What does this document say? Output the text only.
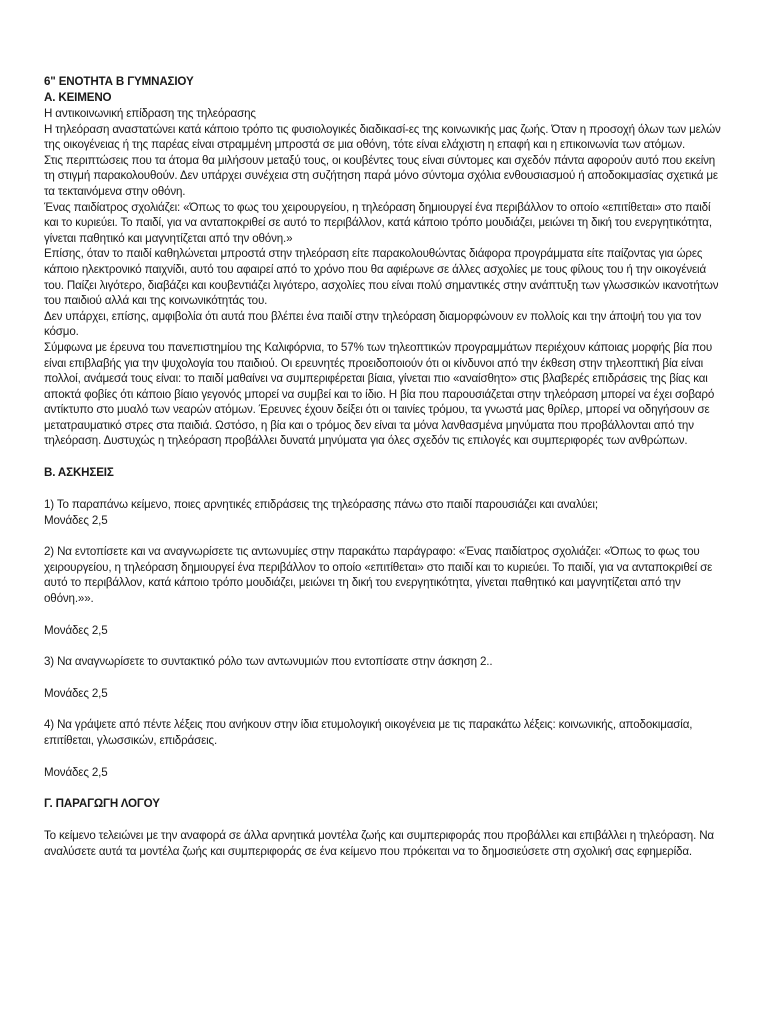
6" ΕΝΟΤΗΤΑ Β ΓΥΜΝΑΣΙΟΥ
Α. ΚΕΙΜΕΝΟ

Η αντικοινωνική επίδραση της τηλεόρασης

Η τηλεόραση αναστατώνει κατά κάποιο τρόπο τις φυσιολογικές διαδικασί-ες της κοινωνικής μας ζωής. Όταν η προσοχή όλων των μελών της οικογένειας ή της παρέας είναι στραμμένη μπροστά σε μια οθόνη, τότε είναι ελάχιστη η επαφή και η επικοινωνία των ατόμων.

Στις περιπτώσεις που τα άτομα θα μιλήσουν μεταξύ τους, οι κουβέντες τους είναι σύντομες και σχεδόν πάντα αφορούν αυτό που εκείνη τη στιγμή παρακολουθούν. Δεν υπάρχει συνέχεια στη συζήτηση παρά μόνο σύντομα σχόλια ενθουσιασμού ή αποδοκιμασίας σχετικά με τα τεκταινόμενα στην οθόνη.

Ένας παιδίατρος σχολιάζει: «Όπως το φως του χειρουργείου, η τηλεόραση δημιουργεί ένα περιβάλλον το οποίο «επιτίθεται» στο παιδί και το κυριεύει. Το παιδί, για να ανταποκριθεί σε αυτό το περιβάλλον, κατά κάποιο τρόπο μουδιάζει, μειώνει τη δική του ενεργητικότητα, γίνεται παθητικό και μαγνητίζεται από την οθόνη.»

Επίσης, όταν το παιδί καθηλώνεται μπροστά στην τηλεόραση είτε παρακολουθώντας διάφορα προγράμματα είτε παίζοντας για ώρες κάποιο ηλεκτρονικό παιχνίδι, αυτό του αφαιρεί από το χρόνο που θα αφιέρωνε σε άλλες ασχολίες με τους φίλους του ή την οικογένειά του. Παίζει λιγότερο, διαβάζει και κουβεντιάζει λιγότερο, ασχολίες που είναι πολύ σημαντικές στην ανάπτυξη των γλωσσικών ικανοτήτων του παιδιού αλλά και της κοινωνικότητάς του.

Δεν υπάρχει, επίσης, αμφιβολία ότι αυτά που βλέπει ένα παιδί στην τηλεόραση διαμορφώνουν εν πολλοίς και την άποψή του για τον κόσμο.

Σύμφωνα με έρευνα του πανεπιστημίου της Καλιφόρνια, το 57% των τηλεοπτικών προγραμμάτων περιέχουν κάποιας μορφής βία που είναι επιβλαβής για την ψυχολογία του παιδιού. Οι ερευνητές προειδοποιούν ότι οι κίνδυνοι από την έκθεση στην τηλεοπτική βία είναι πολλοί, ανάμεσά τους είναι: το παιδί μαθαίνει να συμπεριφέρεται βίαια, γίνεται πιο «αναίσθητο» στις βλαβερές επιδράσεις της βίας και αποκτά φοβίες ότι κάποιο βίαιο γεγονός μπορεί να συμβεί και το ίδιο. Η βία που παρουσιάζεται στην τηλεόραση μπορεί να έχει σοβαρό αντίκτυπο στο μυαλό των νεαρών ατόμων. Έρευνες έχουν δείξει ότι οι ταινίες τρόμου, τα γνωστά μας θρίλερ, μπορεί να οδηγήσουν σε μετατραυματικό στρες στα παιδιά. Ωστόσο, η βία και ο τρόμος δεν είναι τα μόνα λανθασμένα μηνύματα που προβάλλονται από την τηλεόραση. Δυστυχώς η τηλεόραση προβάλλει δυνατά μηνύματα για όλες σχεδόν τις επιλογές και συμπεριφορές των ανθρώπων.

Β. ΑΣΚΗΣΕΙΣ

1) Το παραπάνω κείμενο, ποιες αρνητικές επιδράσεις της τηλεόρασης πάνω στο παιδί παρουσιάζει και αναλύει;

Μονάδες 2,5

2) Να εντοπίσετε και να αναγνωρίσετε τις αντωνυμίες στην παρακάτω παράγραφο: «Ένας παιδίατρος σχολιάζει: «Όπως το φως του χειρουργείου, η τηλεόραση δημιουργεί ένα περιβάλλον το οποίο «επιτίθεται» στο παιδί και το κυριεύει. Το παιδί, για να ανταποκριθεί σε αυτό το περιβάλλον, κατά κάποιο τρόπο μουδιάζει, μειώνει τη δική του ενεργητικότητα, γίνεται παθητικό και μαγνητίζεται από την οθόνη.»».

Μονάδες 2,5

3) Να αναγνωρίσετε το συντακτικό ρόλο των αντωνυμιών που εντοπίσατε στην άσκηση 2..

Μονάδες 2,5

4) Να γράψετε από πέντε λέξεις που ανήκουν στην ίδια ετυμολογική οικογένεια με τις παρακάτω λέξεις: κοινωνικής, αποδοκιμασία, επιτίθεται, γλωσσικών, επιδράσεις.

Μονάδες 2,5

Γ. ΠΑΡΑΓΩΓΗ ΛΟΓΟΥ

Το κείμενο τελειώνει με την αναφορά σε άλλα αρνητικά μοντέλα ζωής και συμπεριφοράς που προβάλλει και επιβάλλει η τηλεόραση. Να αναλύσετε αυτά τα μοντέλα ζωής και συμπεριφοράς σε ένα κείμενο που πρόκειται να το δημοσιεύσετε στη σχολική σας εφημερίδα.
